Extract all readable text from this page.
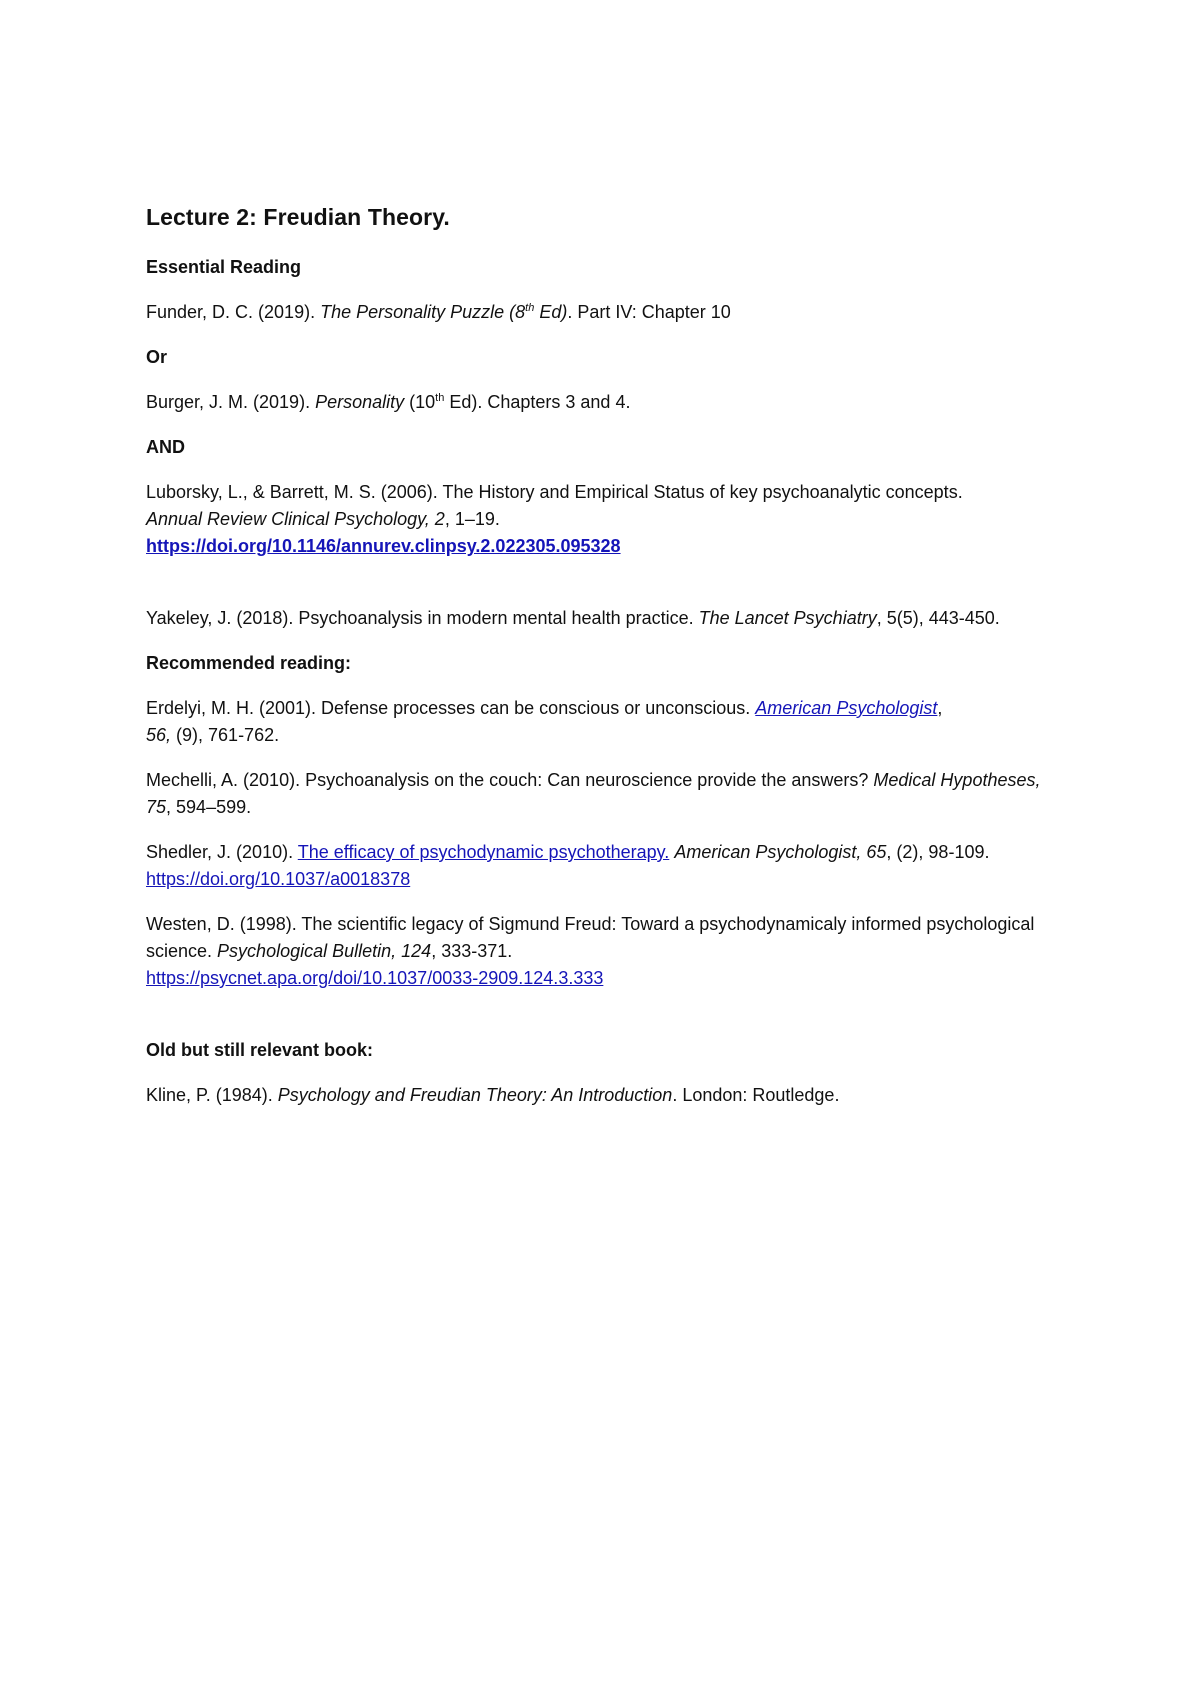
Lecture 2: Freudian Theory.
Essential Reading
Funder, D. C. (2019). The Personality Puzzle (8th Ed). Part IV: Chapter 10
Or
Burger, J. M. (2019). Personality (10th Ed). Chapters 3 and 4.
AND
Luborsky, L., & Barrett, M. S. (2006). The History and Empirical Status of key psychoanalytic concepts.
Annual Review Clinical Psychology, 2, 1–19.
https://doi.org/10.1146/annurev.clinpsy.2.022305.095328
Yakeley, J. (2018). Psychoanalysis in modern mental health practice. The Lancet Psychiatry, 5(5), 443-450.
Recommended reading:
Erdelyi, M. H. (2001). Defense processes can be conscious or unconscious. American Psychologist,
56, (9), 761-762.
Mechelli, A. (2010). Psychoanalysis on the couch: Can neuroscience provide the answers? Medical Hypotheses, 75, 594–599.
Shedler, J. (2010). The efficacy of psychodynamic psychotherapy. American Psychologist, 65, (2), 98-109. https://doi.org/10.1037/a0018378
Westen, D. (1998). The scientific legacy of Sigmund Freud: Toward a psychodynamicaly informed psychological science. Psychological Bulletin, 124, 333-371.
https://psycnet.apa.org/doi/10.1037/0033-2909.124.3.333
Old but still relevant book:
Kline, P. (1984). Psychology and Freudian Theory: An Introduction. London: Routledge.
